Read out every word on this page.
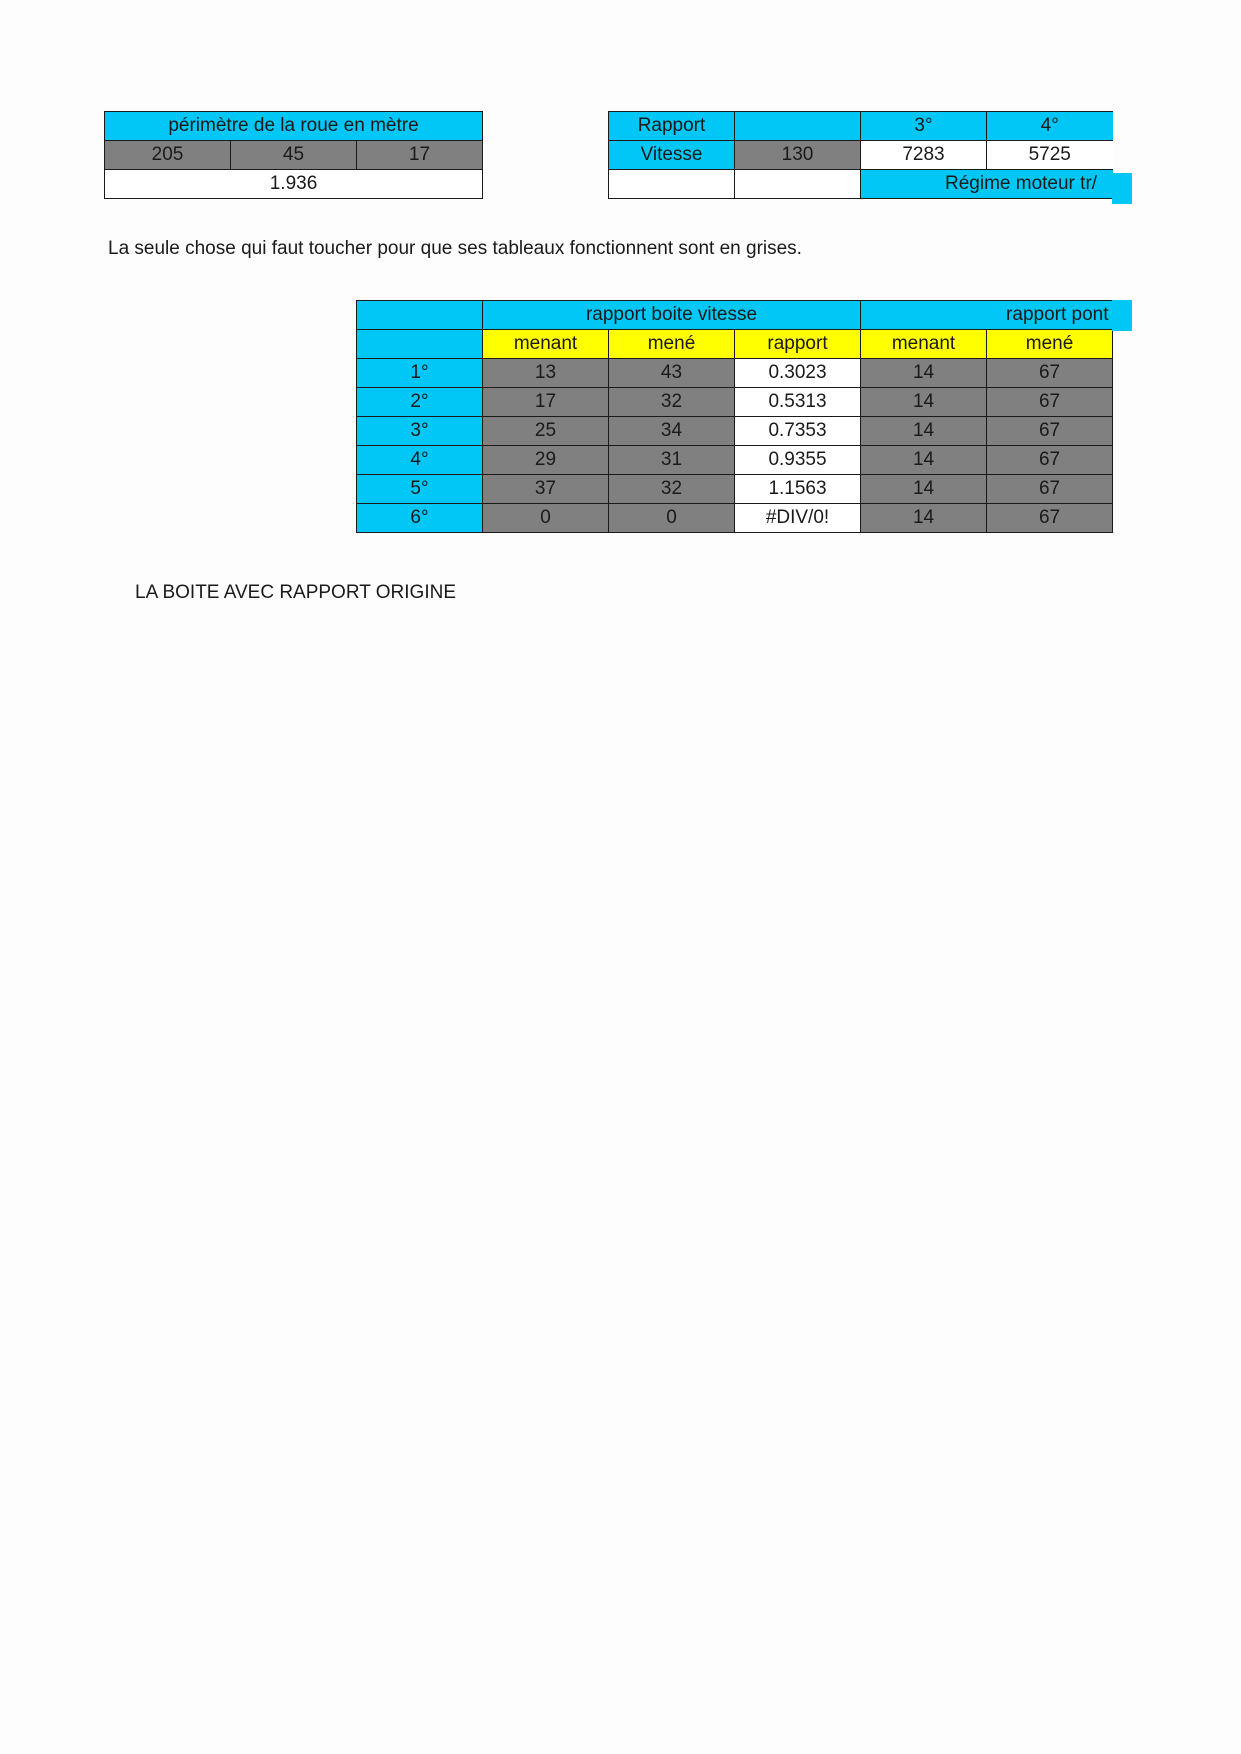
périmètre de la roue en mètre
205	45	17
1.936
Rapport		3°	4°
Vitesse	130	7283	5725
		Régime moteur tr/	
La seule chose qui faut toucher pour que ses tableaux fonctionnent sont en grises.
	rapport boite vitesse			rapport pont	
	menant	mené	rapport	menant	mené
1°	13	43	0.3023	14	67
2°	17	32	0.5313	14	67
3°	25	34	0.7353	14	67
4°	29	31	0.9355	14	67
5°	37	32	1.1563	14	67
6°	0	0	#DIV/0!	14	67
LA BOITE AVEC RAPPORT ORIGINE
